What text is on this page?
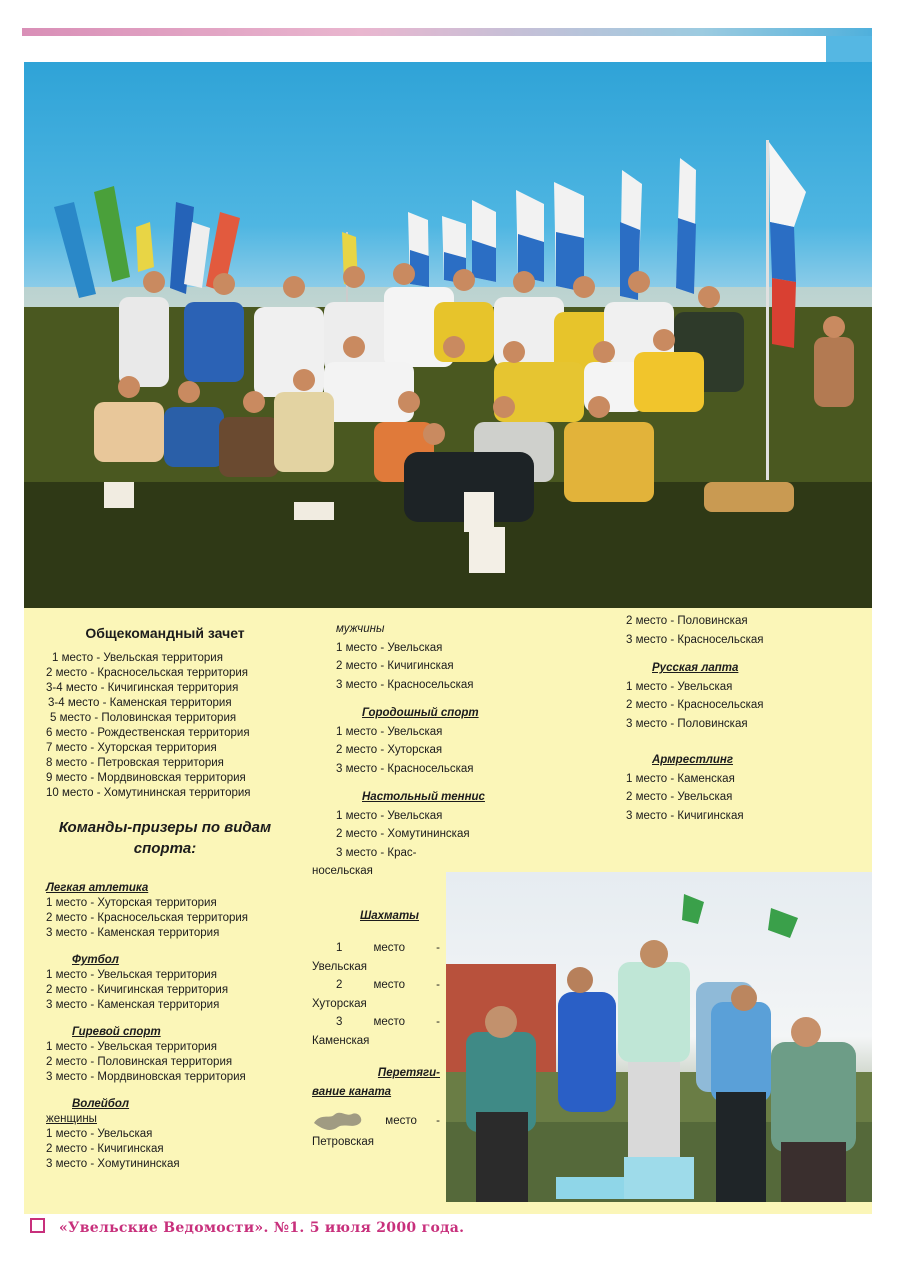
Общекомандный зачет
1 место - Увельская территория
2 место - Красносельская территория
3-4 место - Кичигинская территория
3-4 место - Каменская территория
5 место - Половинская территория
6 место - Рождественская территория
7 место - Хуторская территория
8 место - Петровская территория
9 место - Мордвиновская территория
10 место - Хомутининская территория
Команды-призеры по видам спорта:
Легкая атлетика
1 место - Хуторская территория
2 место - Красносельская территория
3 место - Каменская территория
Футбол
1 место - Увельская территория
2 место - Кичигинская территория
3 место - Каменская территория
Гиревой спорт
1 место - Увельская территория
2 место - Половинская территория
3 место - Мордвиновская территория
Волейбол
женщины
1 место - Увельская
2 место - Кичигинская
3 место - Хомутининская
мужчины
1 место - Увельская
2 место - Кичигинская
3 место - Красносельская
Городошный спорт
1 место - Увельская
2 место - Хуторская
3 место - Красносельская
Настольный теннис
1 место - Увельская
2 место - Хомутининская
3 место - Крас-
носельская
Шахматы
1	место	-
Увельская
2	место	-
Хуторская
3	место	-
Каменская
Перетяги-
вание каната
место -
Петровская
2 место - Половинская
3 место - Красносельская
Русская лапта
1 место - Увельская
2 место - Красносельская
3 место - Половинская
Армрестлинг
1 место - Каменская
2 место - Увельская
3 место - Кичигинская
«Увельские Ведомости». №1. 5 июля 2000 года.
